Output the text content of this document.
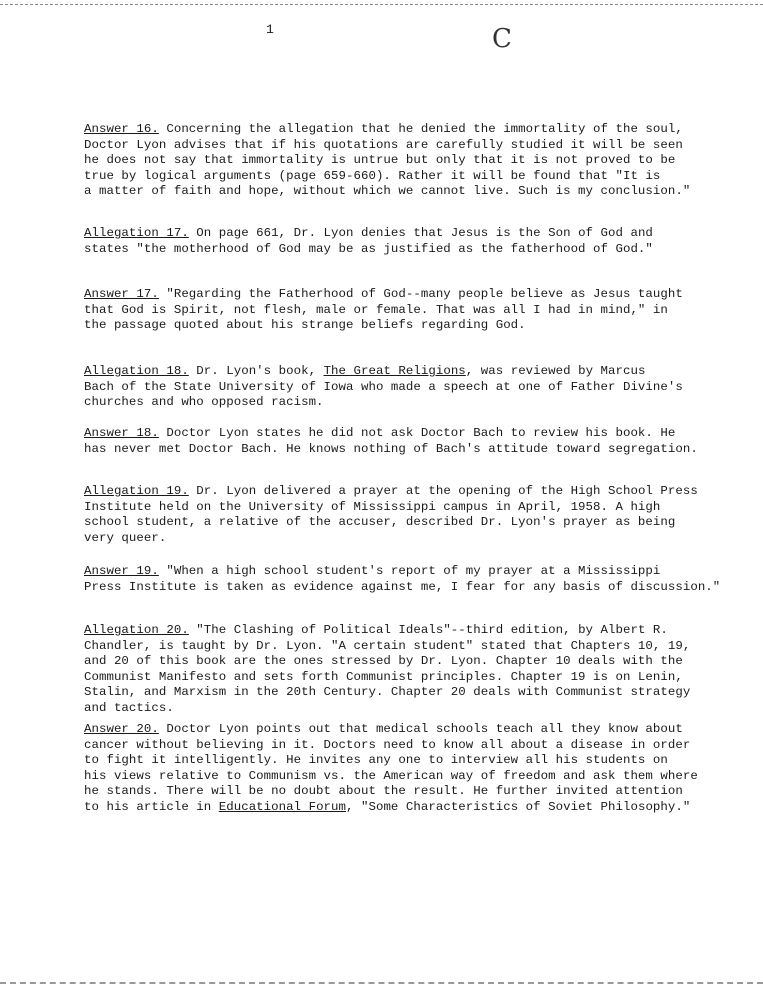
1	C

Answer 16. Concerning the allegation that he denied the immortality of the soul,

Doctor Lyon advises that if his quotations are carefully studied it will be seen

he does not say that immortality is untrue but only that it is not proved to be

true by logical arguments (page 659-660). Rather it will be found that "It is

a matter of faith and hope, without which we cannot live. Such is my conclusion."

Allegation 17. On page 661, Dr. Lyon denies that Jesus is the Son of God and

states "the motherhood of God may be as justified as the fatherhood of God."

Answer 17. "Regarding the Fatherhood of God--many people believe as Jesus taught

that God is Spirit, not flesh, male or female. That was all I had in mind," in

the passage quoted about his strange beliefs regarding God.

Allegation 18. Dr. Lyon's book, The Great Religions, was reviewed by Marcus

Bach of the State University of Iowa who made a speech at one of Father Divine's

churches and who opposed racism.

Answer 18. Doctor Lyon states he did not ask Doctor Bach to review his book. He

has never met Doctor Bach. He knows nothing of Bach's attitude toward segregation.

Allegation 19. Dr. Lyon delivered a prayer at the opening of the High School Press

Institute held on the University of Mississippi campus in April, 1958. A high

school student, a relative of the accuser, described Dr. Lyon's prayer as being

very queer.

Answer 19. "When a high school student's report of my prayer at a Mississippi

Press Institute is taken as evidence against me, I fear for any basis of discussion."

Allegation 20. "The Clashing of Political Ideals"--third edition, by Albert R.

Chandler, is taught by Dr. Lyon. "A certain student" stated that Chapters 10, 19,

and 20 of this book are the ones stressed by Dr. Lyon. Chapter 10 deals with the

Communist Manifesto and sets forth Communist principles. Chapter 19 is on Lenin,

Stalin, and Marxism in the 20th Century. Chapter 20 deals with Communist strategy

and tactics.

Answer 20. Doctor Lyon points out that medical schools teach all they know about

cancer without believing in it. Doctors need to know all about a disease in order

to fight it intelligently. He invites any one to interview all his students on

his views relative to Communism vs. the American way of freedom and ask them where

he stands. There will be no doubt about the result. He further invited attention

to his article in Educational Forum, "Some Characteristics of Soviet Philosophy."
